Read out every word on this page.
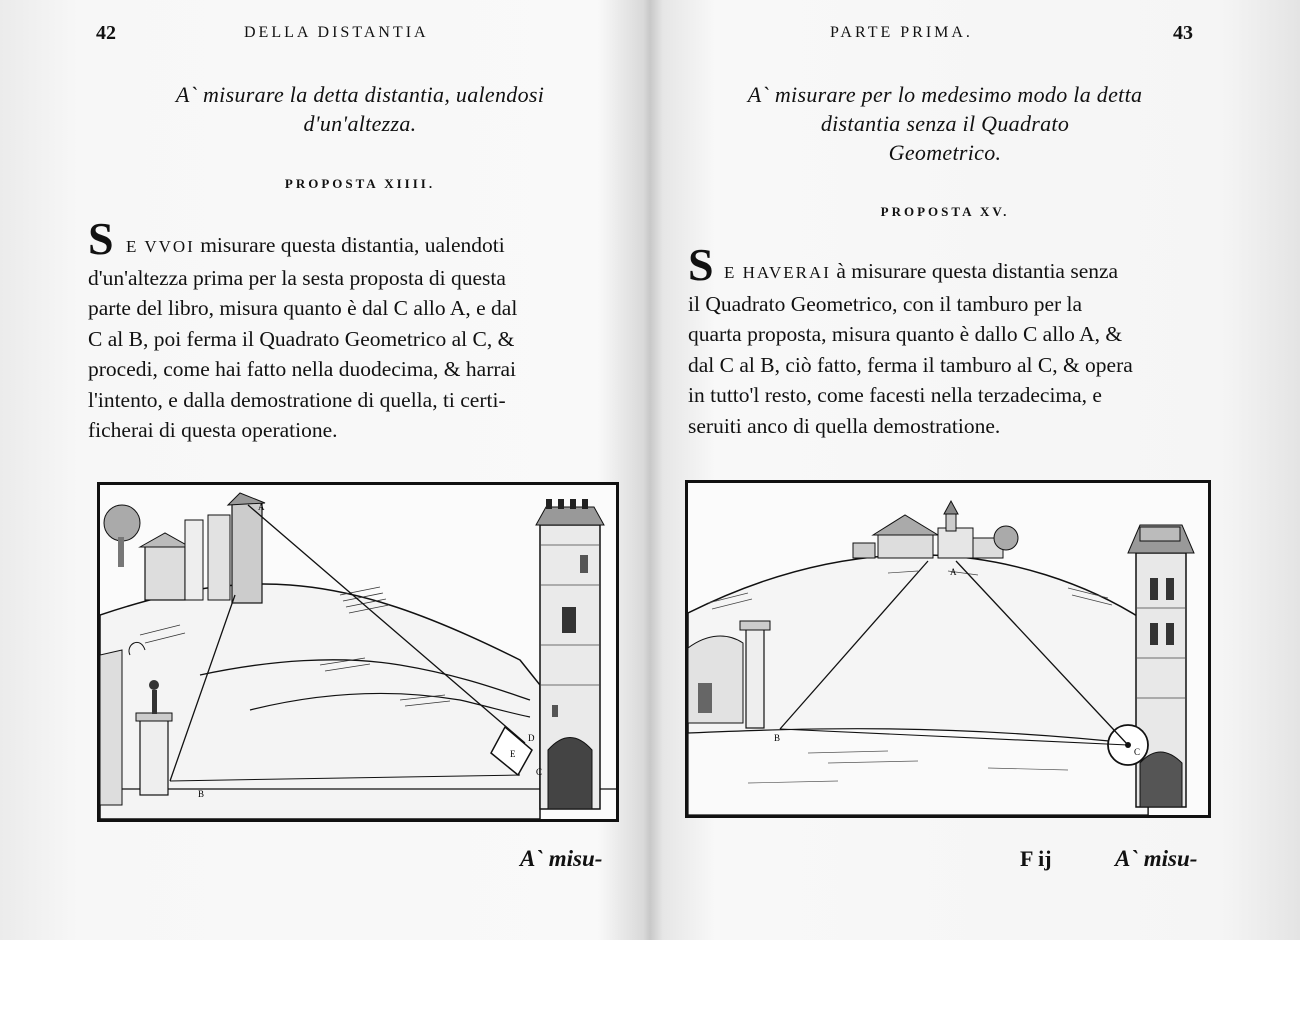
42	DELLA DISTANTIA
A` misurare la detta distantia, ualendosi
d'un'altezza.
PROPOSTA XIIII.
S E VVOI misurare questa distantia, ualendoti
d'un'altezza prima per la sesta proposta di questa
parte del libro, misura quanto è dal C allo A, e dal
C al B, poi ferma il Quadrato Geometrico al C, &
procedi, come hai fatto nella duodecima, & harrai
l'intento, e dalla demostratione di quella, ti certi-
ficherai di questa operatione.
A
B
C
D
E
A` misu-
PARTE PRIMA.	43
A` misurare per lo medesimo modo la detta
distantia senza il Quadrato
Geometrico.
PROPOSTA XV.
S E HAVERAI à misurare questa distantia senza
il Quadrato Geometrico, con il tamburo per la
quarta proposta, misura quanto è dallo C allo A, &
dal C al B, ciò fatto, ferma il tamburo al C, & opera
in tutto'l resto, come facesti nella terzadecima, e
seruiti anco di quella demostratione.
A
B
C
F ij	A` misu-
